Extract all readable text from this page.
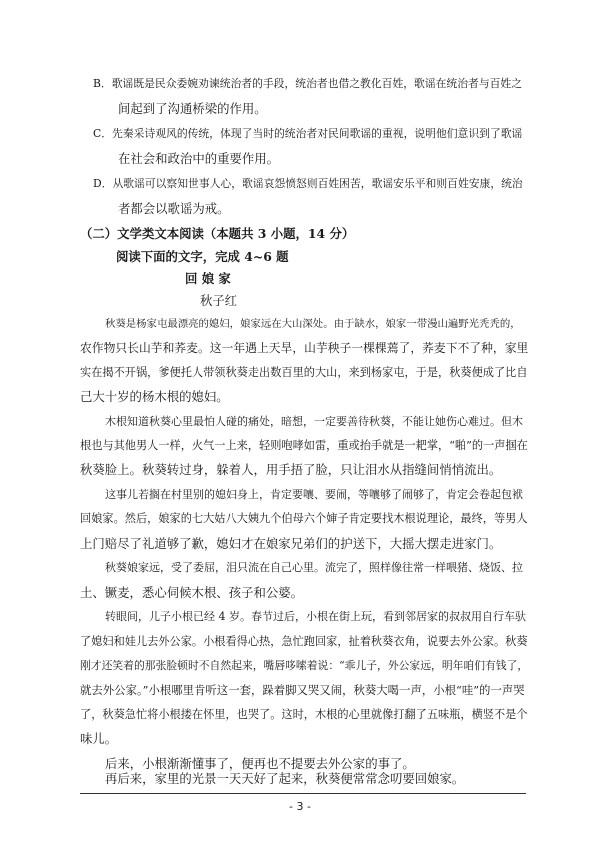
B．歌谣既是民众委婉劝谏统治者的手段，统治者也借之教化百姓，歌谣在统治者与百姓之
间起到了沟通桥梁的作用。
C．先秦采诗观风的传统，体现了当时的统治者对民间歌谣的重视，说明他们意识到了歌谣
在社会和政治中的重要作用。
D．从歌谣可以察知世事人心，歌谣哀怨愤怒则百姓困苦，歌谣安乐平和则百姓安康，统治
者都会以歌谣为戒。
（二）文学类文本阅读（本题共 3 小题，14 分）
阅读下面的文字，完成 4~6 题
回 娘 家
秋子红
秋葵是杨家屯最漂亮的媳妇，娘家远在大山深处。由于缺水，娘家一带漫山遍野光秃秃的，
农作物只长山芋和荞麦。这一年遇上天旱，山芋秧子一棵棵蔫了，荞麦下不了种，家里
实在揭不开锅，爹便托人带领秋葵走出数百里的大山，来到杨家屯，于是，秋葵便成了比自
己大十岁的杨木根的媳妇。
木根知道秋葵心里最怕人碰的痛处，暗想，一定要善待秋葵，不能让她伤心难过。但木
根也与其他男人一样，火气一上来，轻则咆哮如雷，重或抬手就是一耙掌，“啪”的一声掴在
秋葵脸上。秋葵转过身，躲着人，用手捂了脸，只让泪水从指缝间悄悄流出。
这事儿若搁在村里别的媳妇身上，肯定要嚷、要闹，等嚷够了闹够了，肯定会卷起包袱
回娘家。然后，娘家的七大姑八大姨九个伯母六个婶子肯定要找木根说理论，最终，等男人
上门赔尽了礼道够了歉，媳妇才在娘家兄弟们的护送下，大摇大摆走进家门。
秋葵娘家远，受了委屈，泪只流在自己心里。流完了，照样像往常一样喂猪、烧饭、拉
土、镢麦，悉心伺候木根、孩子和公婆。
转眼间，儿子小根已经 4 岁。春节过后，小根在街上玩，看到邻居家的叔叔用自行车驮
了媳妇和娃儿去外公家。小根看得心热，急忙跑回家，扯着秋葵衣角，说要去外公家。秋葵
刚才还笑着的那张脸顿时不自然起来，嘴唇哆嗦着说：“乖儿子，外公家远，明年咱们有钱了，
就去外公家。”小根哪里肯听这一套，跺着脚又哭又闹，秋葵大喝一声，小根“哇”的一声哭
了，秋葵急忙将小根搂在怀里，也哭了。这时，木根的心里就像打翻了五味瓶，横竖不是个
味儿。
后来，小根渐渐懂事了，便再也不提要去外公家的事了。
再后来，家里的光景一天天好了起来，秋葵便常常念叨要回娘家。
- 3 -
